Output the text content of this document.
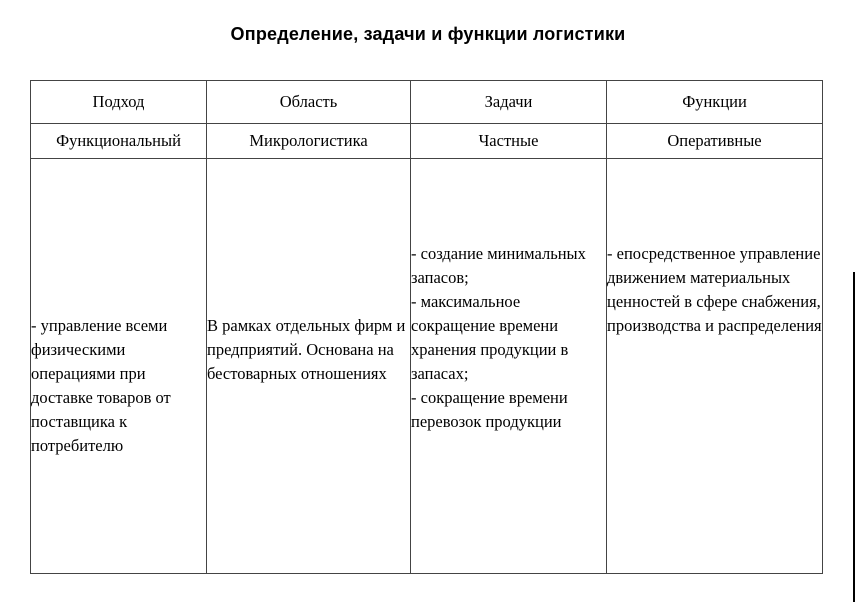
Определение, задачи и функции логистики
Подход	Область	Задачи	Функции
Функциональный	Микрологистика	Частные	Оперативные

- управление всеми физическими операциями при доставке товаров от поставщика к потребителю	В рамках отдельных фирм и предприятий. Основана на бестоварных отношениях	- создание минимальных запасов;
- максимальное сокращение времени хранения продукции в запасах;
- сокращение времени перевозок продукции	- епосредственное управление движением материальных ценностей в сфере снабжения, производства и распределения
